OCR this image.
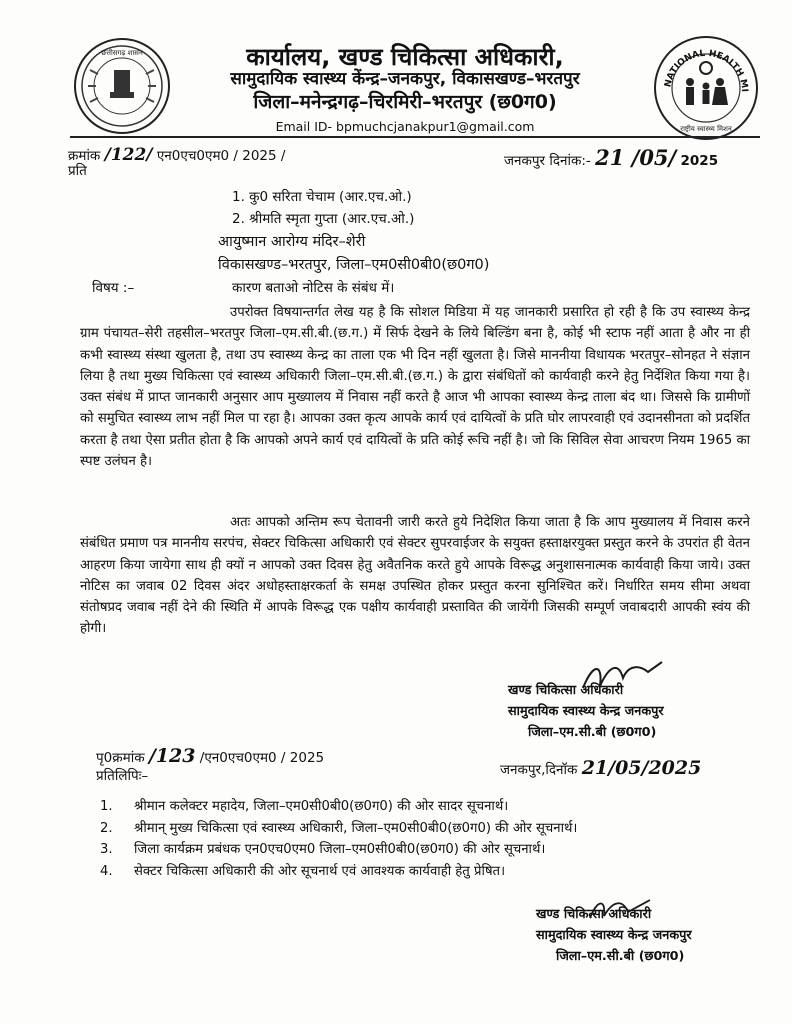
छत्तीसगढ़ शासन
NATIONAL HEALTH MI
राष्ट्रीय स्वास्थ्य मिशन
कार्यालय, खण्ड चिकित्सा अधिकारी,
सामुदायिक स्वास्थ्य केंन्द्र–जनकपुर, विकासखण्ड–भरतपुर
जिला–मनेन्द्रगढ़–चिरमिरी–भरतपुर (छ0ग0)
Email ID- bpmuchcjanakpur1@gmail.com
क्रमांक /122/ एन0एच0एम0 / 2025 /	जनकपुर दिनांक:- 21 /05/ 2025
प्रति
1. कु0 सरिता चेचाम (आर.एच.ओ.)
2. श्रीमति स्मृता गुप्ता (आर.एच.ओ.)
आयुष्मान आरोग्य मंदिर–शेरी
विकासखण्ड–भरतपुर, जिला–एम0सी0बी0(छ0ग0)
विषय :–	कारण बताओ नोटिस के संबंध में।
उपरोक्त विषयान्तर्गत लेख यह है कि सोशल मिडिया में यह जानकारी प्रसारित हो रही है कि उप स्वास्थ्य केन्द्र ग्राम पंचायत–सेरी तहसील–भरतपुर जिला–एम.सी.बी.(छ.ग.) में सिर्फ देखने के लिये बिल्डिंग बना है, कोई भी स्टाफ नहीं आता है और ना ही कभी स्वास्थ्य संस्था खुलता है, तथा उप स्वास्थ्य केन्द्र का ताला एक भी दिन नहीं खुलता है। जिसे माननीया विधायक भरतपुर–सोनहत ने संज्ञान लिया है तथा मुख्य चिकित्सा एवं स्वास्थ्य अधिकारी जिला–एम.सी.बी.(छ.ग.) के द्वारा संबंधितों को कार्यवाही करने हेतु निर्देशित किया गया है। उक्त संबंध में प्राप्त जानकारी अनुसार आप मुख्यालय में निवास नहीं करते है आज भी आपका स्वास्थ्य केन्द्र ताला बंद था। जिससे कि ग्रामीणों को समुचित स्वास्थ्य लाभ नहीं मिल पा रहा है। आपका उक्त कृत्य आपके कार्य एवं दायित्वों के प्रति घोर लापरवाही एवं उदानसीनता को प्रदर्शित करता है तथा ऐसा प्रतीत होता है कि आपको अपने कार्य एवं दायित्वों के प्रति कोई रूचि नहीं है। जो कि सिविल सेवा आचरण नियम 1965 का स्पष्ट उलंघन है।
अतः आपको अन्तिम रूप चेतावनी जारी करते हुये निदेशित किया जाता है कि आप मुख्यालय में निवास करने संबंधित प्रमाण पत्र माननीय सरपंच, सेक्टर चिकित्सा अधिकारी एवं सेक्टर सुपरवाईजर के सयुक्त हस्ताक्षरयुक्त प्रस्तुत करने के उपरांत ही वेतन आहरण किया जायेगा साथ ही क्यों न आपको उक्त दिवस हेतु अवैतनिक करते हुये आपके विरूद्ध अनुशासनात्मक कार्यवाही किया जाये। उक्त नोटिस का जवाब 02 दिवस अंदर अधोहस्ताक्षरकर्ता के समक्ष उपस्थित होकर प्रस्तुत करना सुनिश्चित करें। निर्धारित समय सीमा अथवा संतोषप्रद जवाब नहीं देने की स्थिति में आपके विरूद्ध एक पक्षीय कार्यवाही प्रस्तावित की जायेंगी जिसकी सम्पूर्ण जवाबदारी आपकी स्वंय की होगी।
खण्ड चिकित्सा अधिकारी
सामुदायिक स्वास्थ्य केन्द्र जनकपुर
जिला–एम.सी.बी (छ0ग0)
पृ0क्रमांक /123 /एन0एच0एम0 / 2025
जनकपुर,दिनॉक 21/05/2025
प्रतिलिपिः–
1. श्रीमान कलेक्टर महादेय, जिला–एम0सी0बी0(छ0ग0) की ओर सादर सूचनार्थ।
2. श्रीमान् मुख्य चिकित्सा एवं स्वास्थ्य अधिकारी, जिला–एम0सी0बी0(छ0ग0) की ओर सूचनार्थ।
3. जिला कार्यक्रम प्रबंधक एन0एच0एम0 जिला–एम0सी0बी0(छ0ग0) की ओर सूचनार्थ।
4. सेक्टर चिकित्सा अधिकारी की ओर सूचनार्थ एवं आवश्यक कार्यवाही हेतु प्रेषित।
खण्ड चिकित्सा अधिकारी
सामुदायिक स्वास्थ्य केन्द्र जनकपुर
जिला–एम.सी.बी (छ0ग0)
